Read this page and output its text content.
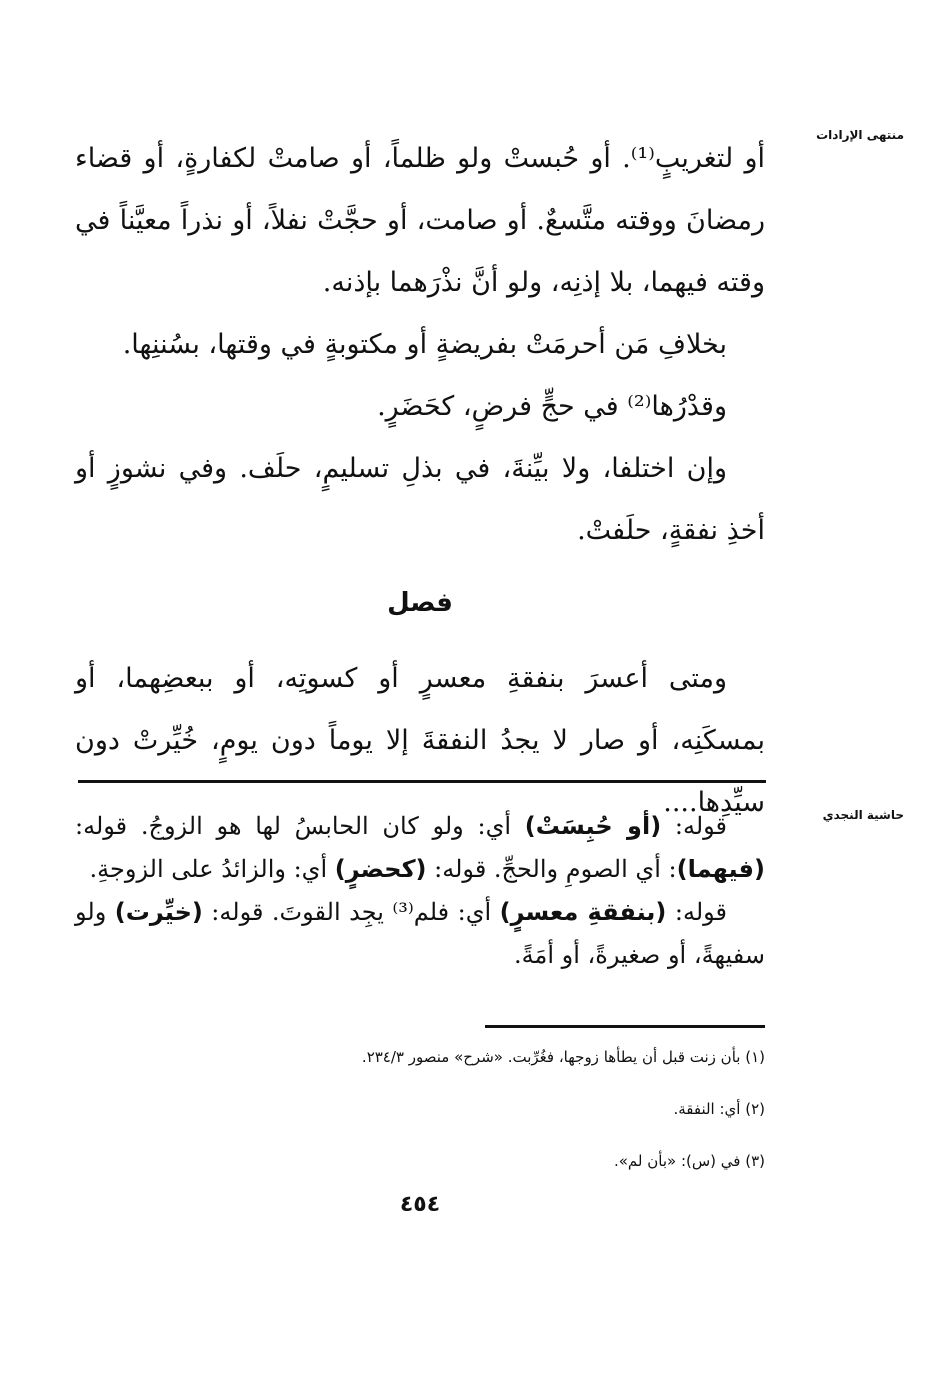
منتهى الإرادات
حاشية النجدي

أو لتغريبٍ⁽¹⁾. أو حُبستْ ولو ظلماً، أو صامتْ لكفارةٍ، أو قضاء رمضانَ ووقته متَّسعٌ. أو صامت، أو حجَّتْ نفلاً، أو نذراً معيَّناً في وقته فيهما، بلا إذنِه، ولو أنَّ نذْرَهما بإذنه.

بخلافِ مَن أحرمَتْ بفريضةٍ أو مكتوبةٍ في وقتها، بسُننِها.

وقدْرُها⁽²⁾ في حجٍّ فرضٍ، كحَضَرٍ.

وإن اختلفا، ولا بيِّنةَ، في بذلِ تسليمٍ، حلَف. وفي نشوزٍ أو أخذِ نفقةٍ، حلَفتْ.

فصل

ومتى أعسرَ بنفقةِ معسرٍ أو كسوتِه، أو ببعضِهما، أو بمسكَنِه، أو صار لا يجدُ النفقةَ إلا يوماً دون يومٍ، خُيِّرتْ دون سيِّدِها....

قوله: (أو حُبِسَتْ) أي: ولو كان الحابسُ لها هو الزوجُ. قوله: (فيهما): أي الصومِ والحجِّ. قوله: (كحضرٍ) أي: والزائدُ على الزوجةِ.

قوله: (بنفقةِ معسرٍ) أي: فلم⁽³⁾ يجِد القوتَ. قوله: (خيِّرت) ولو سفيهةً، أو صغيرةً، أو أمَةً.

(١) بأن زنت قبل أن يطأها زوجها، فغُرِّبت. «شرح» منصور ٢٣٤/٣.
(٢) أي: النفقة.
(٣) في (س): «بأن لم».
٤٥٤
